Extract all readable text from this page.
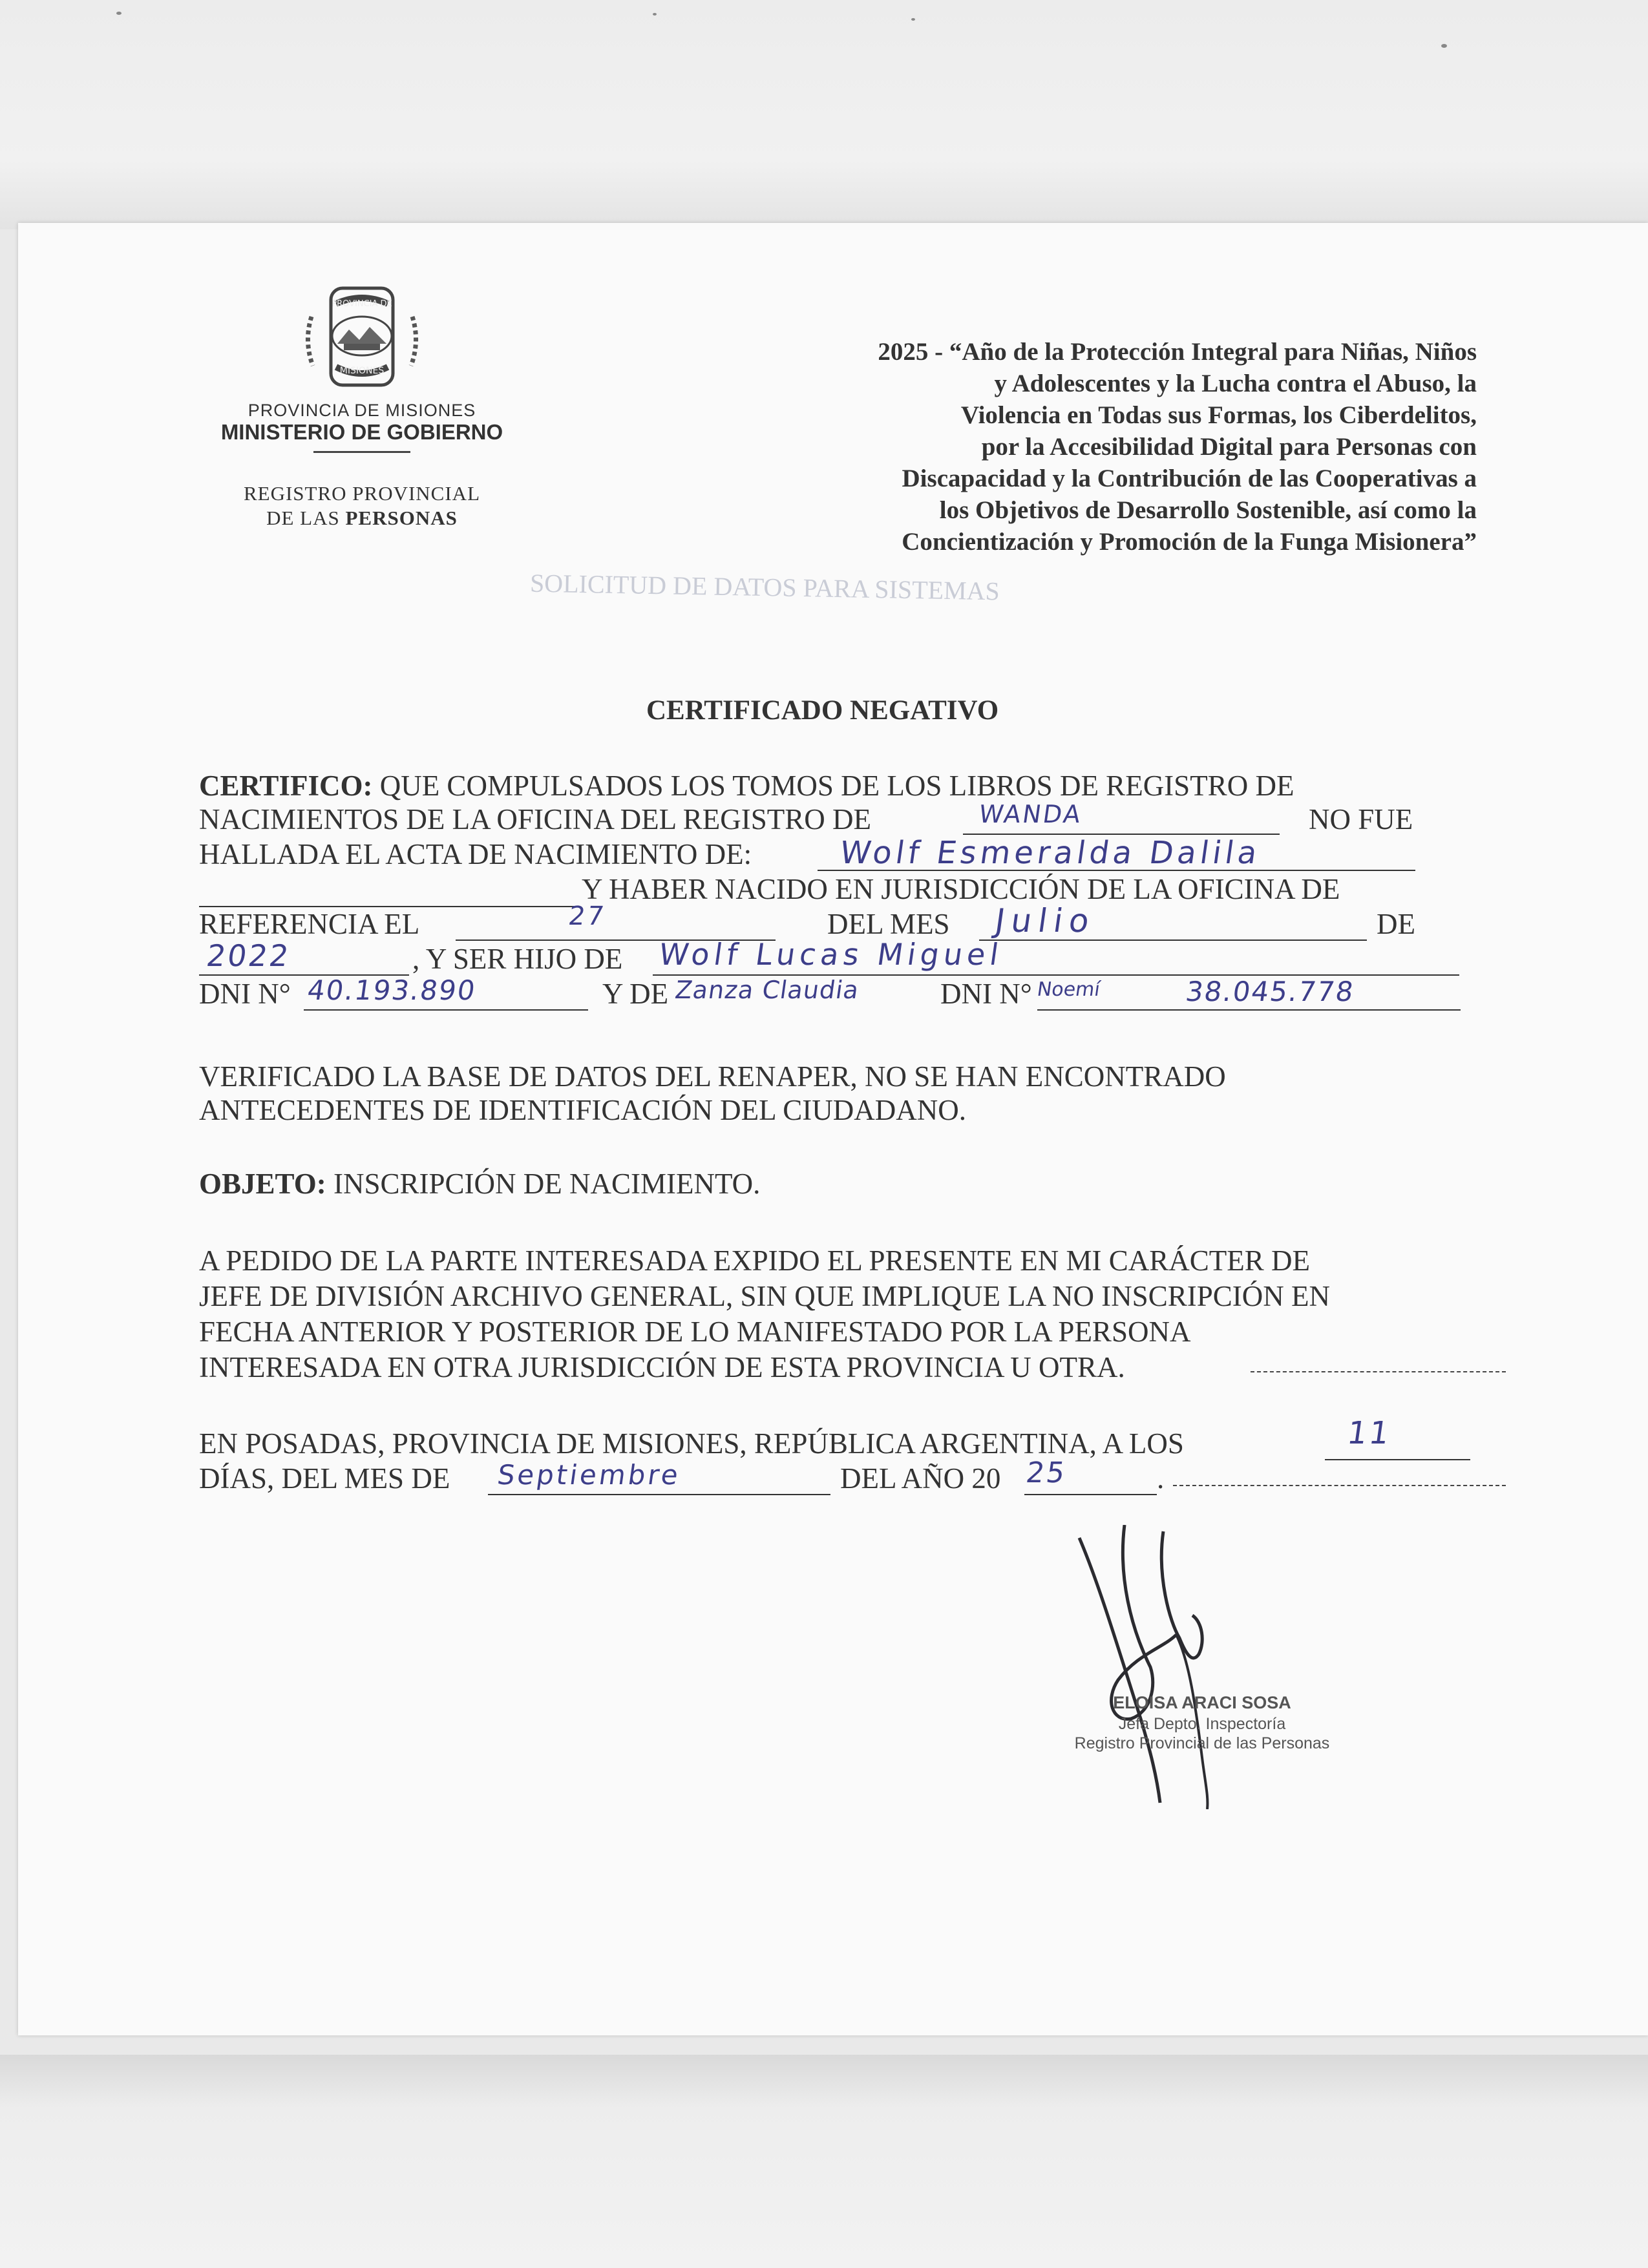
SOLICITUD DE DATOS PARA SISTEMAS
PROVINCIA DE
MISIONES

PROVINCIA DE MISIONES

MINISTERIO DE GOBIERNO

REGISTRO PROVINCIAL
DE LAS PERSONAS

2025 - “Año de la Protección Integral para Niñas, Niños
y Adolescentes y la Lucha contra el Abuso, la
Violencia en Todas sus Formas, los Ciberdelitos,
por la Accesibilidad Digital para Personas con
Discapacidad y la Contribución de las Cooperativas a
los Objetivos de Desarrollo Sostenible, así como la
Concientización y Promoción de la Funga Misionera”

CERTIFICADO NEGATIVO

CERTIFICO: QUE COMPULSADOS LOS TOMOS DE LOS LIBROS DE REGISTRO DE

NACIMIENTOS DE LA OFICINA DEL REGISTRO DE	WANDA	NO FUE

HALLADA EL ACTA DE NACIMIENTO DE:	Wolf Esmeralda Dalila

Y HABER NACIDO EN JURISDICCIÓN DE LA OFICINA DE

REFERENCIA EL	27	DEL MES Julio	DE

2022	, Y SER HIJO DE Wolf Lucas Miguel

DNI N° 40.193.890	Y DE Zanza Claudia	DNI N° Noemí	38.045.778

VERIFICADO LA BASE DE DATOS DEL RENAPER, NO SE HAN ENCONTRADO

ANTECEDENTES DE IDENTIFICACIÓN DEL CIUDADANO.

OBJETO: INSCRIPCIÓN DE NACIMIENTO.

A PEDIDO DE LA PARTE INTERESADA EXPIDO EL PRESENTE EN MI CARÁCTER DE

JEFE DE DIVISIÓN ARCHIVO GENERAL, SIN QUE IMPLIQUE LA NO INSCRIPCIÓN EN

FECHA ANTERIOR Y POSTERIOR DE LO MANIFESTADO POR LA PERSONA

INTERESADA EN OTRA JURISDICCIÓN DE ESTA PROVINCIA U OTRA.

EN POSADAS, PROVINCIA DE MISIONES, REPÚBLICA ARGENTINA, A LOS	11

DÍAS, DEL MES DE Septiembre	DEL AÑO 20 25	.

ELOISA ARACI SOSA

Jefa Depto. Inspectoría

Registro Provincial de las Personas
